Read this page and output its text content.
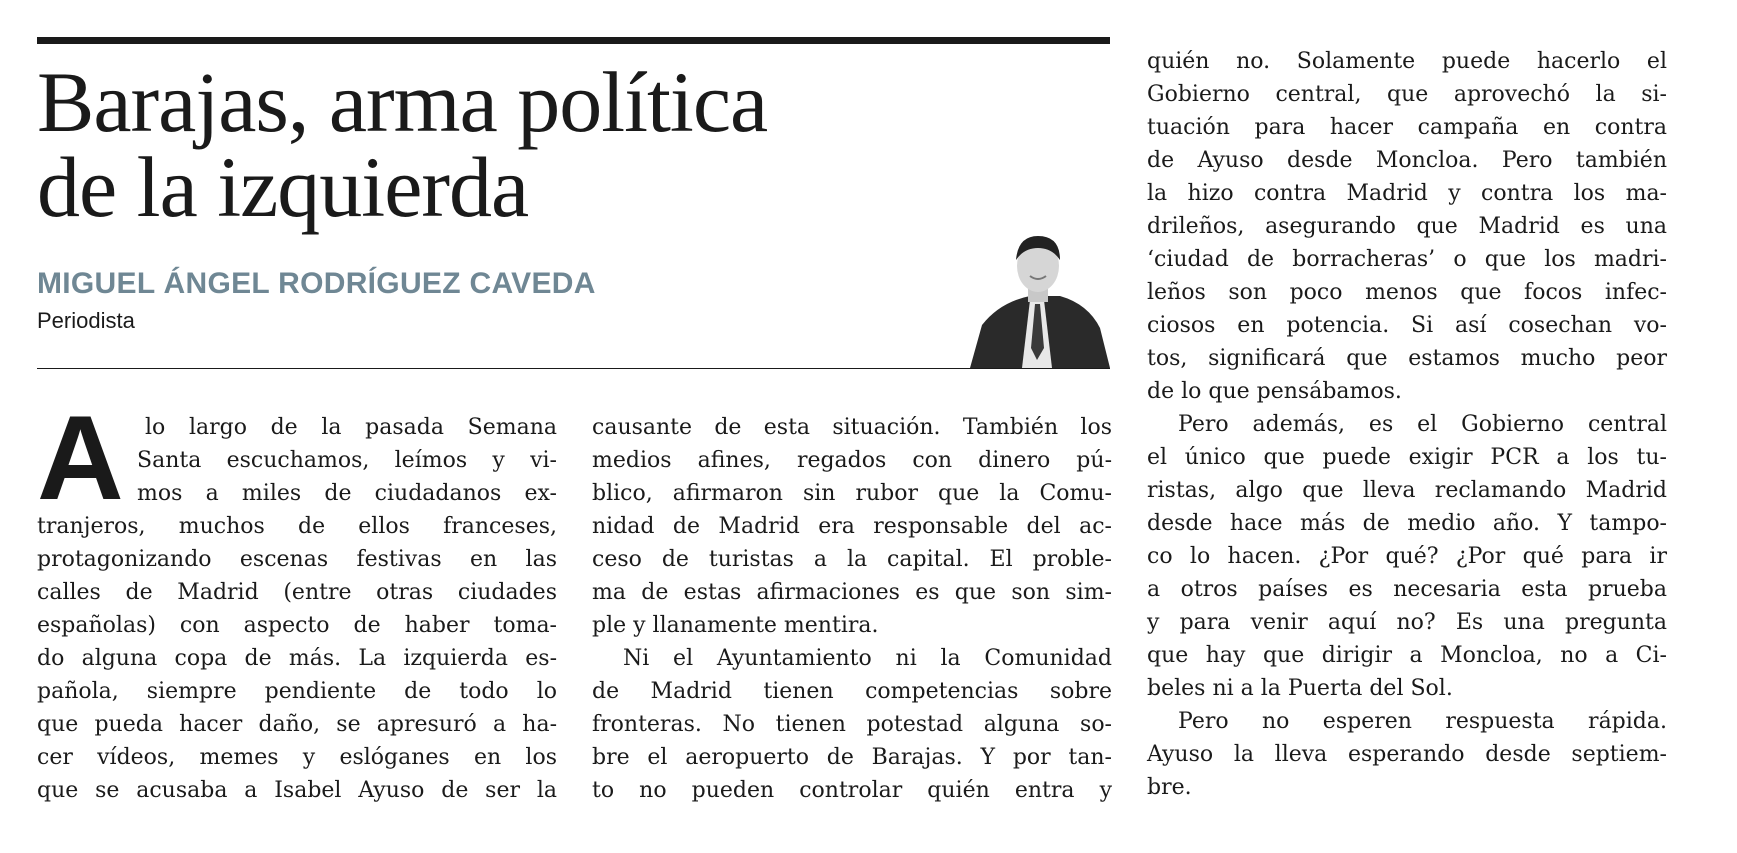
Barajas, arma política
de la izquierda
MIGUEL ÁNGEL RODRÍGUEZ CAVEDA
Periodista
A lo largo de la pasada Semana
Santa escuchamos, leímos y vi-
mos a miles de ciudadanos ex-
tranjeros, muchos de ellos franceses,
protagonizando escenas festivas en las
calles de Madrid (entre otras ciudades
españolas) con aspecto de haber toma-
do alguna copa de más. La izquierda es-
pañola, siempre pendiente de todo lo
que pueda hacer daño, se apresuró a ha-
cer vídeos, memes y eslóganes en los
que se acusaba a Isabel Ayuso de ser la
causante de esta situación. También los
medios afines, regados con dinero pú-
blico, afirmaron sin rubor que la Comu-
nidad de Madrid era responsable del ac-
ceso de turistas a la capital. El proble-
ma de estas afirmaciones es que son sim-
ple y llanamente mentira.
Ni el Ayuntamiento ni la Comunidad
de Madrid tienen competencias sobre
fronteras. No tienen potestad alguna so-
bre el aeropuerto de Barajas. Y por tan-
to no pueden controlar quién entra y
quién no. Solamente puede hacerlo el
Gobierno central, que aprovechó la si-
tuación para hacer campaña en contra
de Ayuso desde Moncloa. Pero también
la hizo contra Madrid y contra los ma-
drileños, asegurando que Madrid es una
‘ciudad de borracheras’ o que los madri-
leños son poco menos que focos infec-
ciosos en potencia. Si así cosechan vo-
tos, significará que estamos mucho peor
de lo que pensábamos.
Pero además, es el Gobierno central
el único que puede exigir PCR a los tu-
ristas, algo que lleva reclamando Madrid
desde hace más de medio año. Y tampo-
co lo hacen. ¿Por qué? ¿Por qué para ir
a otros países es necesaria esta prueba
y para venir aquí no? Es una pregunta
que hay que dirigir a Moncloa, no a Ci-
beles ni a la Puerta del Sol.
Pero no esperen respuesta rápida.
Ayuso la lleva esperando desde septiem-
bre.
